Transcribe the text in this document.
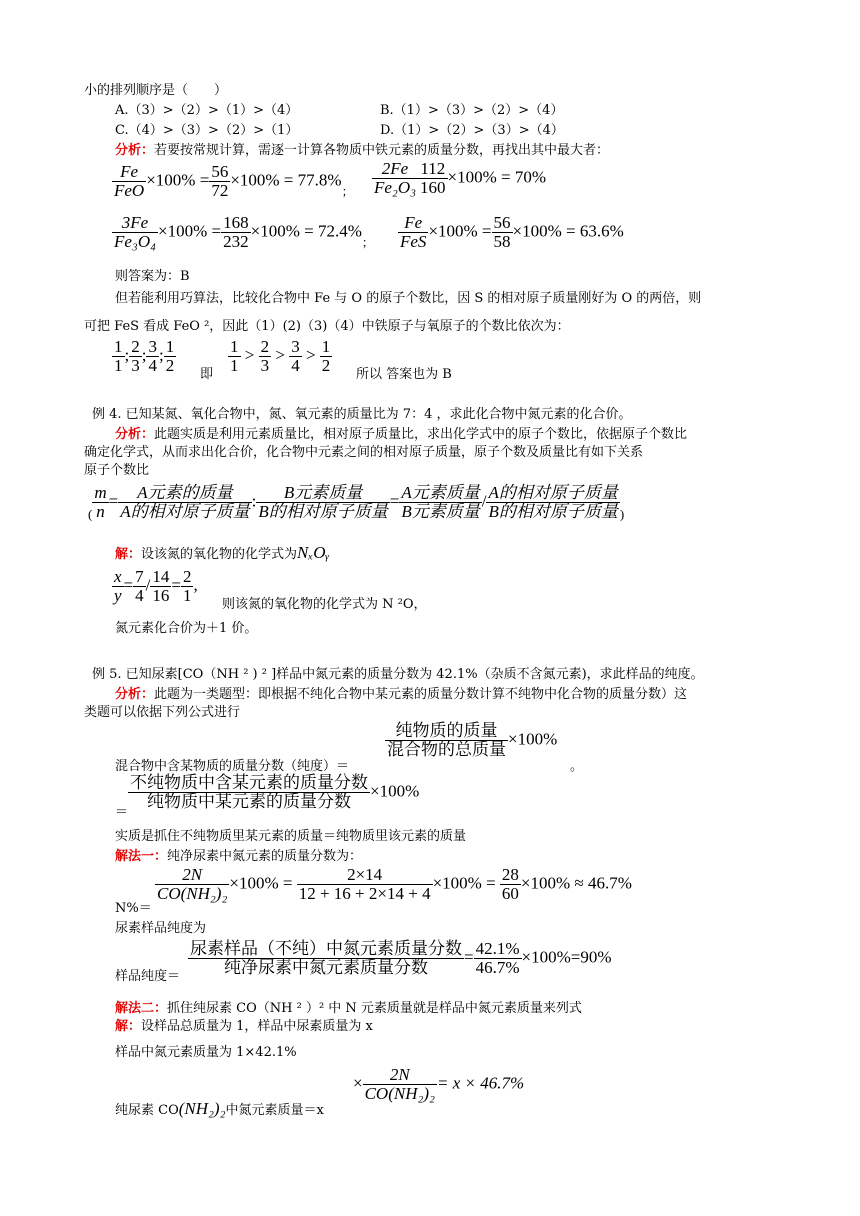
小的排列顺序是（　　）
A.（3）>（2）>（1）>（4）	B.（1）>（3）>（2）>（4）
C.（4）>（3）>（2）>（1）	D.（1）>（2）>（3）>（4）
分析：若要按常规计算，需逐一计算各物质中铁元素的质量分数，再找出其中最大者：
$\frac{Fe}{\text{FeO}} \times 100\% = \frac{56}{72} \times 100\% = 77.8\%_; \frac{2Fe}{\text{Fe₂O₃}} \frac{112}{160} \times 100\% = 70\%$
$\frac{3Fe}{\text{Fe₃O₄}} \times 100\% = \frac{168}{232} \times 100\% = 72.4\%_; \frac{Fe}{\text{FeS}} \times 100\% = \frac{56}{58} \times 100\% = 63.6\%$
则答案为：B
但若能利用巧算法，比较化合物中 Fe 与 O 的原子个数比，因 S 的相对原子质量刚好为 O 的两倍，则
可把 FeS 看成 FeO ²，因此（1）(2)（3)（4）中铁原子与氧原子的个数比依次为：
$\frac{1}{1}$ ; $\frac{2}{3}$ ; $\frac{3}{4}$ ; $\frac{1}{2}$ 即 $\frac{1}{1} > \frac{2}{3} > \frac{3}{4} > \frac{1}{2}$ 所以 答案也为 B
例 4. 已知某氮、氧化合物中，氮、氧元素的质量比为 7：4 ，求此化合物中氮元素的化合价。
分析：此题实质是利用元素质量比，相对原子质量比，求出化学式中的原子个数比，依据原子个数比
确定化学式，从而求出化合价，化合物中元素之间的相对原子质量，原子个数及质量比有如下关系
原子个数比
$_( \frac{m}{n} = \frac{\text{A元素的质量}}{\text{A的相对原子质量}}$ : $\frac{\text{B元素质量}}{\text{B的相对原子质量}} = \frac{\text{A元素质量}}{\text{B元素质量}} / \frac{\text{A的相对原子质量}}{\text{B的相对原子质量}} _)$
解：设该氮的氧化物的化学式为NₓOᵧ
$\frac{x}{y} = \frac{7}{4} / \frac{14}{16} = \frac{2}{1}$ ,
则该氮的氧化物的化学式为 N ²O，
氮元素化合价为＋1 价。
例 5. 已知尿素[CO（NH ² ) ² ]样品中氮元素的质量分数为 42.1%（杂质不含氮元素)，求此样品的纯度。
分析：此题为一类题型：即根据不纯化合物中某元素的质量分数计算不纯物中化合物的质量分数）这
类题可以依据下列公式进行
混合物中含某物质的质量分数（纯度）＝
$\frac{\text{纯物质的质量}}{\text{混合物的总质量}} \times 100\%$
。
＝
$\frac{\text{不纯物质中含某元素的质量分数}}{\text{纯物质中某元素的质量分数}} \times 100\%$
实质是抓住不纯物质里某元素的质量＝纯物质里该元素的质量
解法一：纯净尿素中氮元素的质量分数为：
N%＝
$\frac{2N}{\text{CO(NH₂)₂}} \times 100\% = \frac{2\times 14}{12 + 16 + 2\times 14 + 4} \times 100\% = \frac{28}{60} \times 100\% \approx 46.7\%$
尿素样品纯度为
样品纯度＝ $\frac{\text{尿素样品（不纯）中氮元素质量分数}}{\text{纯净尿素中氮元素质量分数}} = \frac{42.1\%}{46.7\%} \times 100\%=90\%$
解法二：抓住纯尿素 CO（NH ² ）² 中 N 元素质量就是样品中氮元素质量来列式
解：设样品总质量为 1，样品中尿素质量为 x
样品中氮元素质量为 1×42.1%
纯尿素 CO(NH₂)₂中氮元素质量＝x
× $\frac{2N}{\text{CO(NH₂)₂}} = x \times 46.7\%$
